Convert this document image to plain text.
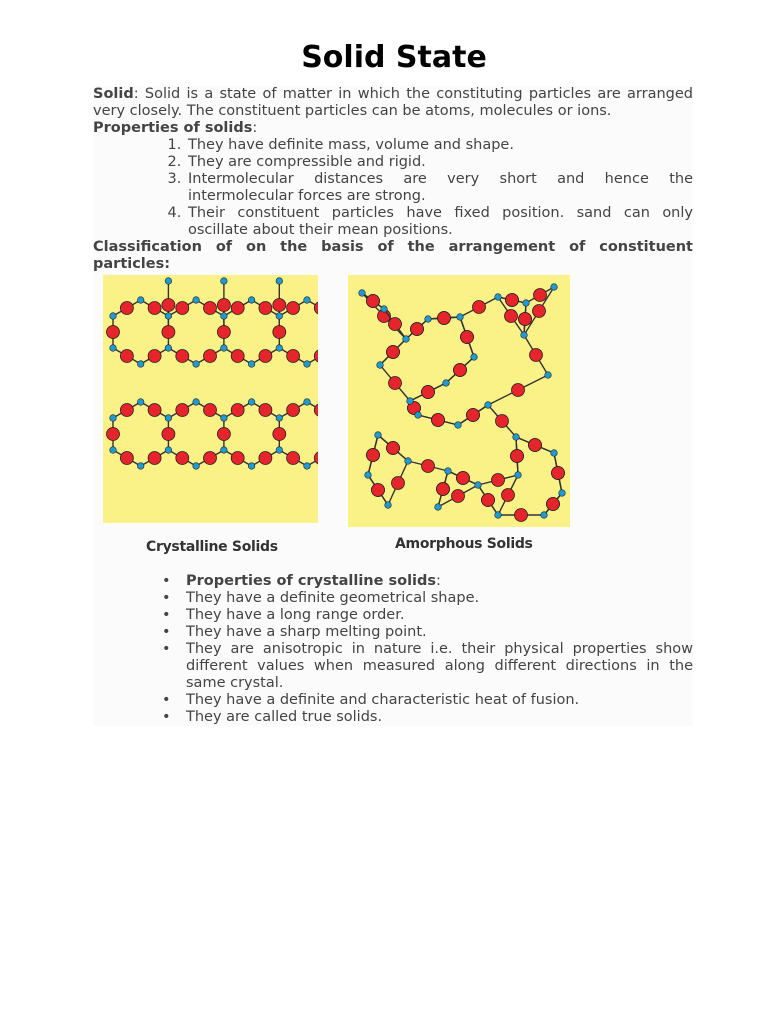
Solid State

Solid: Solid is a state of matter in which the constituting particles are arranged very closely. The constituent particles can be atoms, molecules or ions.

Properties of solids:
1. They have definite mass, volume and shape.
2. They are compressible and rigid.
3. Intermolecular distances are very short and hence the intermolecular forces are strong.
4. Their constituent particles have fixed position. sand can only oscillate about their mean positions.

Classification of on the basis of the arrangement of constituent particles:

Crystalline Solids	Amorphous Solids
• Properties of crystalline solids:
• They have a definite geometrical shape.
• They have a long range order.
• They have a sharp melting point.
• They are anisotropic in nature i.e. their physical properties show different values when measured along different directions in the same crystal.
• They have a definite and characteristic heat of fusion.
• They are called true solids.
